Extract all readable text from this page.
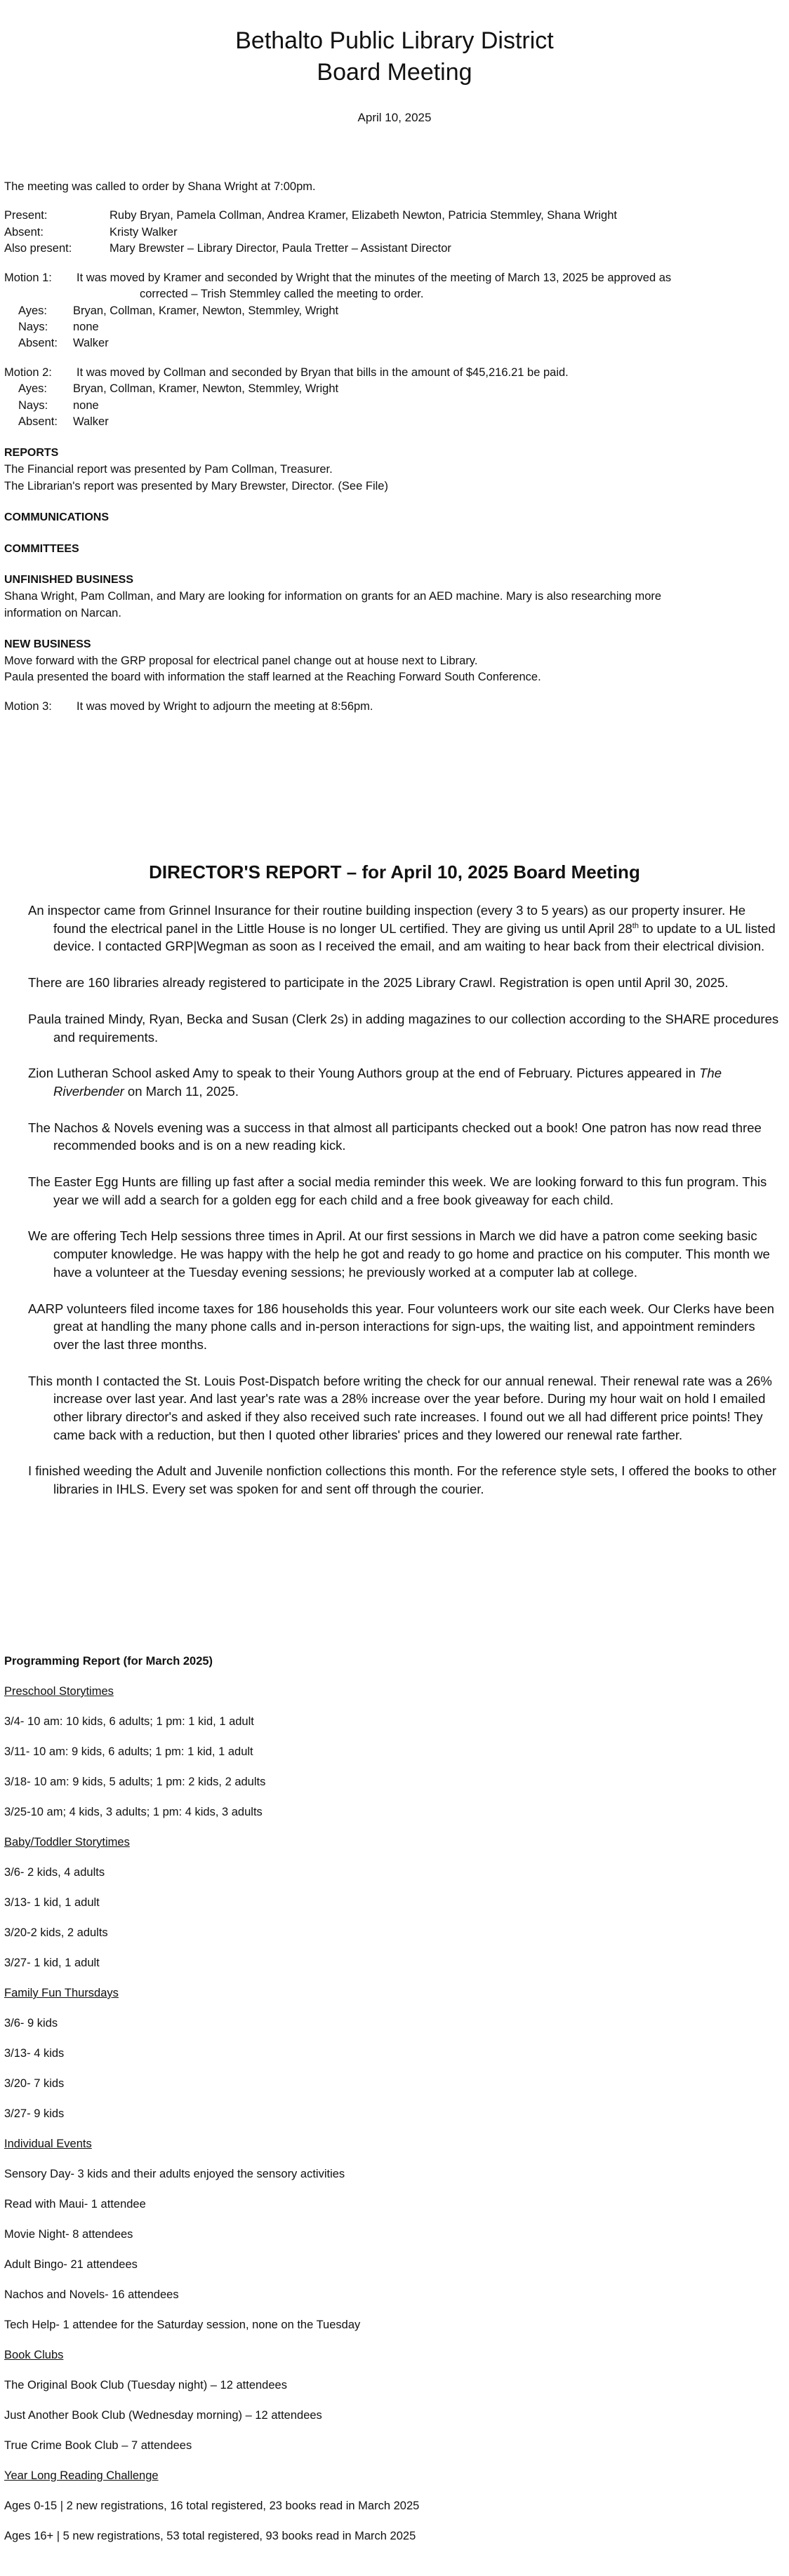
Bethalto Public Library District
Board Meeting
April 10, 2025

The meeting was called to order by Shana Wright at 7:00pm.

Present:	Ruby Bryan, Pamela Collman, Andrea Kramer, Elizabeth Newton, Patricia Stemmley, Shana Wright
Absent:	Kristy Walker
Also present:	Mary Brewster – Library Director, Paula Tretter – Assistant Director
Motion 1:	It was moved by Kramer and seconded by Wright that the minutes of the meeting of March 13, 2025 be approved as
corrected – Trish Stemmley called the meeting to order.
Ayes:	Bryan, Collman, Kramer, Newton, Stemmley, Wright
Nays:	none
Absent:	Walker
Motion 2:	It was moved by Collman and seconded by Bryan that bills in the amount of $45,216.21 be paid.
Ayes:	Bryan, Collman, Kramer, Newton, Stemmley, Wright
Nays:	none
Absent:	Walker
REPORTS

The Financial report was presented by Pam Collman, Treasurer.

The Librarian's report was presented by Mary Brewster, Director. (See File)

COMMUNICATIONS
COMMITTEES
UNFINISHED BUSINESS

Shana Wright, Pam Collman, and Mary are looking for information on grants for an AED machine. Mary is also researching more

information on Narcan.

NEW BUSINESS

Move forward with the GRP proposal for electrical panel change out at house next to Library.

Paula presented the board with information the staff learned at the Reaching Forward South Conference.

Motion 3:	It was moved by Wright to adjourn the meeting at 8:56pm.
DIRECTOR'S REPORT – for April 10, 2025 Board Meeting

An inspector came from Grinnel Insurance for their routine building inspection (every 3 to 5 years) as our property insurer. He found the electrical panel in the Little House is no longer UL certified. They are giving us until April 28th to update to a UL listed device. I contacted GRP|Wegman as soon as I received the email, and am waiting to hear back from their electrical division.

There are 160 libraries already registered to participate in the 2025 Library Crawl. Registration is open until April 30, 2025.

Paula trained Mindy, Ryan, Becka and Susan (Clerk 2s) in adding magazines to our collection according to the SHARE procedures and requirements.

Zion Lutheran School asked Amy to speak to their Young Authors group at the end of February. Pictures appeared in The Riverbender on March 11, 2025.

The Nachos & Novels evening was a success in that almost all participants checked out a book! One patron has now read three recommended books and is on a new reading kick.

The Easter Egg Hunts are filling up fast after a social media reminder this week. We are looking forward to this fun program. This year we will add a search for a golden egg for each child and a free book giveaway for each child.

We are offering Tech Help sessions three times in April. At our first sessions in March we did have a patron come seeking basic computer knowledge. He was happy with the help he got and ready to go home and practice on his computer. This month we have a volunteer at the Tuesday evening sessions; he previously worked at a computer lab at college.

AARP volunteers filed income taxes for 186 households this year. Four volunteers work our site each week. Our Clerks have been great at handling the many phone calls and in-person interactions for sign-ups, the waiting list, and appointment reminders over the last three months.

This month I contacted the St. Louis Post-Dispatch before writing the check for our annual renewal. Their renewal rate was a 26% increase over last year. And last year's rate was a 28% increase over the year before. During my hour wait on hold I emailed other library director's and asked if they also received such rate increases. I found out we all had different price points! They came back with a reduction, but then I quoted other libraries' prices and they lowered our renewal rate farther.

I finished weeding the Adult and Juvenile nonfiction collections this month. For the reference style sets, I offered the books to other libraries in IHLS. Every set was spoken for and sent off through the courier.

Programming Report (for March 2025)

Preschool Storytimes

3/4- 10 am: 10 kids, 6 adults; 1 pm: 1 kid, 1 adult

3/11- 10 am: 9 kids, 6 adults; 1 pm: 1 kid, 1 adult

3/18- 10 am: 9 kids, 5 adults; 1 pm: 2 kids, 2 adults

3/25-10 am; 4 kids, 3 adults; 1 pm: 4 kids, 3 adults

Baby/Toddler Storytimes

3/6- 2 kids, 4 adults

3/13- 1 kid, 1 adult

3/20-2 kids, 2 adults

3/27- 1 kid, 1 adult

Family Fun Thursdays

3/6- 9 kids

3/13- 4 kids

3/20- 7 kids

3/27- 9 kids

Individual Events

Sensory Day- 3 kids and their adults enjoyed the sensory activities

Read with Maui- 1 attendee

Movie Night- 8 attendees

Adult Bingo- 21 attendees

Nachos and Novels- 16 attendees

Tech Help- 1 attendee for the Saturday session, none on the Tuesday

Book Clubs

The Original Book Club (Tuesday night) – 12 attendees

Just Another Book Club (Wednesday morning) – 12 attendees

True Crime Book Club – 7 attendees

Year Long Reading Challenge

Ages 0-15 | 2 new registrations, 16 total registered, 23 books read in March 2025

Ages 16+ | 5 new registrations, 53 total registered, 93 books read in March 2025
